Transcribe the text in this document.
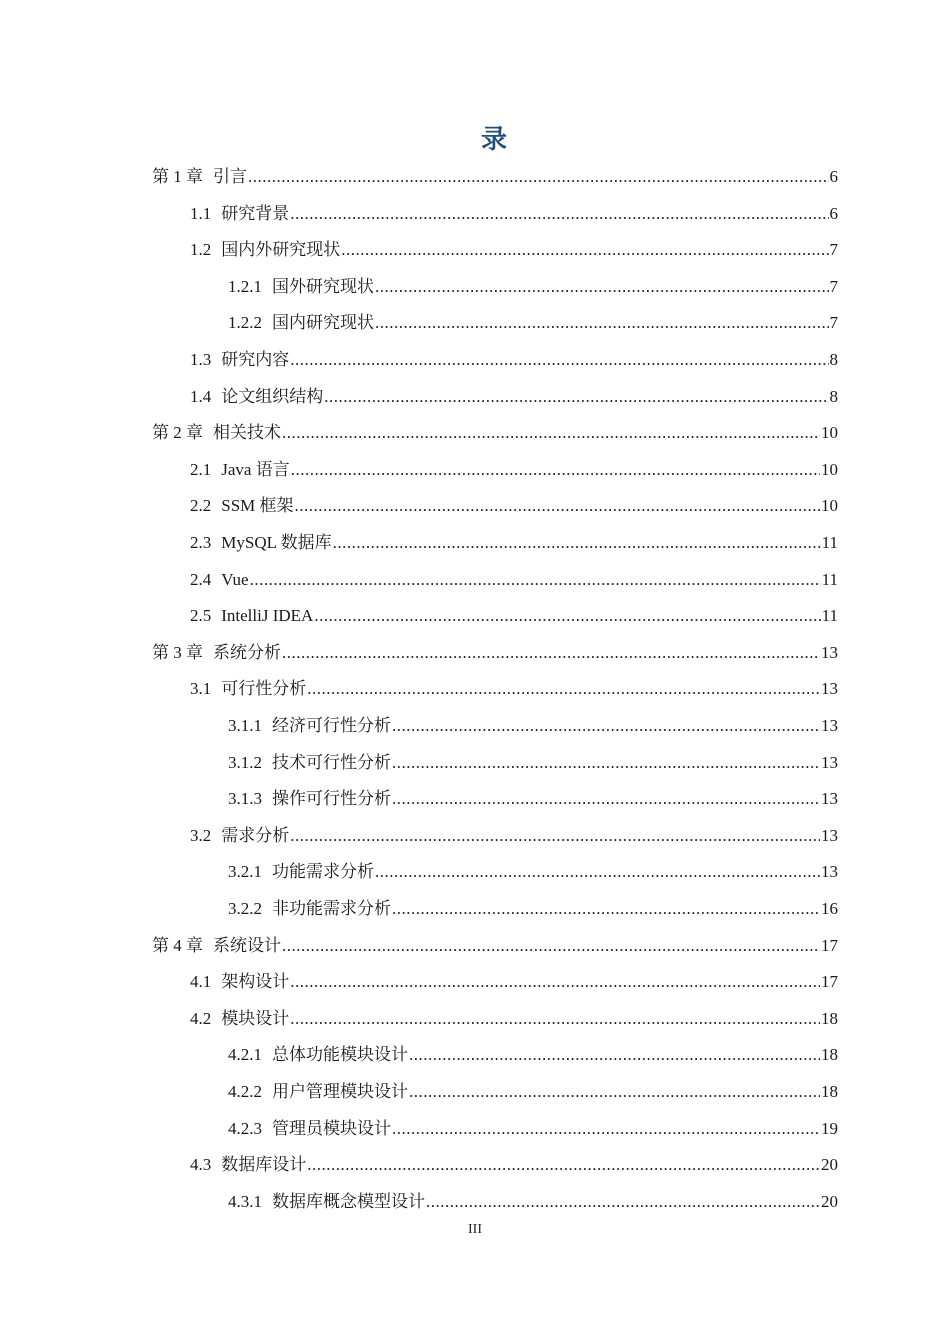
录
第 1 章 引言 .....	6
1.1 研究背景 .....	6
1.2 国内外研究现状 .....	7
1.2.1 国外研究现状 .....	7
1.2.2 国内研究现状 .....	7
1.3 研究内容 .....	8
1.4 论文组织结构 .....	8
第 2 章 相关技术 .....	10
2.1 Java 语言 .....	10
2.2 SSM 框架 .....	10
2.3 MySQL 数据库 .....	11
2.4 Vue .....	11
2.5 IntelliJ IDEA .....	11
第 3 章 系统分析 .....	13
3.1 可行性分析 .....	13
3.1.1 经济可行性分析 .....	13
3.1.2 技术可行性分析 .....	13
3.1.3 操作可行性分析 .....	13
3.2 需求分析 .....	13
3.2.1 功能需求分析 .....	13
3.2.2 非功能需求分析 .....	16
第 4 章 系统设计 .....	17
4.1 架构设计 .....	17
4.2 模块设计 .....	18
4.2.1 总体功能模块设计 .....	18
4.2.2 用户管理模块设计 .....	18
4.2.3 管理员模块设计 .....	19
4.3 数据库设计 .....	20
4.3.1 数据库概念模型设计 .....	20
III
